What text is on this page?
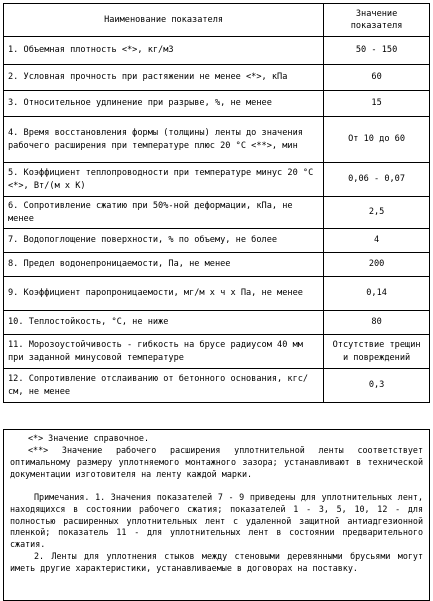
Наименование показателя	Значение показателя
1. Объемная плотность <*>, кг/м3	50 - 150
2. Условная прочность при растяжении не менее <*>, кПа	60
3. Относительное удлинение при разрыве, %, не менее	15
4. Время восстановления формы (толщины) ленты до значения рабочего расширения при температуре плюс 20 °С <**>, мин	От 10 до 60
5. Коэффициент теплопроводности при температуре минус 20 °С <*>, Вт/(м x К)	0,06 - 0,07
6. Сопротивление сжатию при 50%-ной деформации, кПа, не менее	2,5
7. Водопоглощение поверхности, % по объему, не более	4
8. Предел водонепроницаемости, Па, не менее	200
9. Коэффициент паропроницаемости, мг/м x ч x Па, не менее	0,14
10. Теплостойкость, °С, не ниже	80
11. Морозоустойчивость - гибкость на брусе радиусом 40 мм при заданной минусовой температуре	Отсутствие трещин и повреждений
12. Сопротивление отслаиванию от бетонного основания, кгс/см, не менее	0,3

<*> Значение справочное.

<**> Значение рабочего расширения уплотнительной ленты соответствует оптимальному размеру уплотняемого монтажного зазора; устанавливают в технической документации изготовителя на ленту каждой марки.

Примечания. 1. Значения показателей 7 - 9 приведены для уплотнительных лент, находящихся в состоянии рабочего сжатия; показателей 1 - 3, 5, 10, 12 - для полностью расширенных уплотнительных лент с удаленной защитной антиадгезионной пленкой; показатель 11 - для уплотнительных лент в состоянии предварительного сжатия.

2. Ленты для уплотнения стыков между стеновыми деревянными брусьями могут иметь другие характеристики, устанавливаемые в договорах на поставку.
